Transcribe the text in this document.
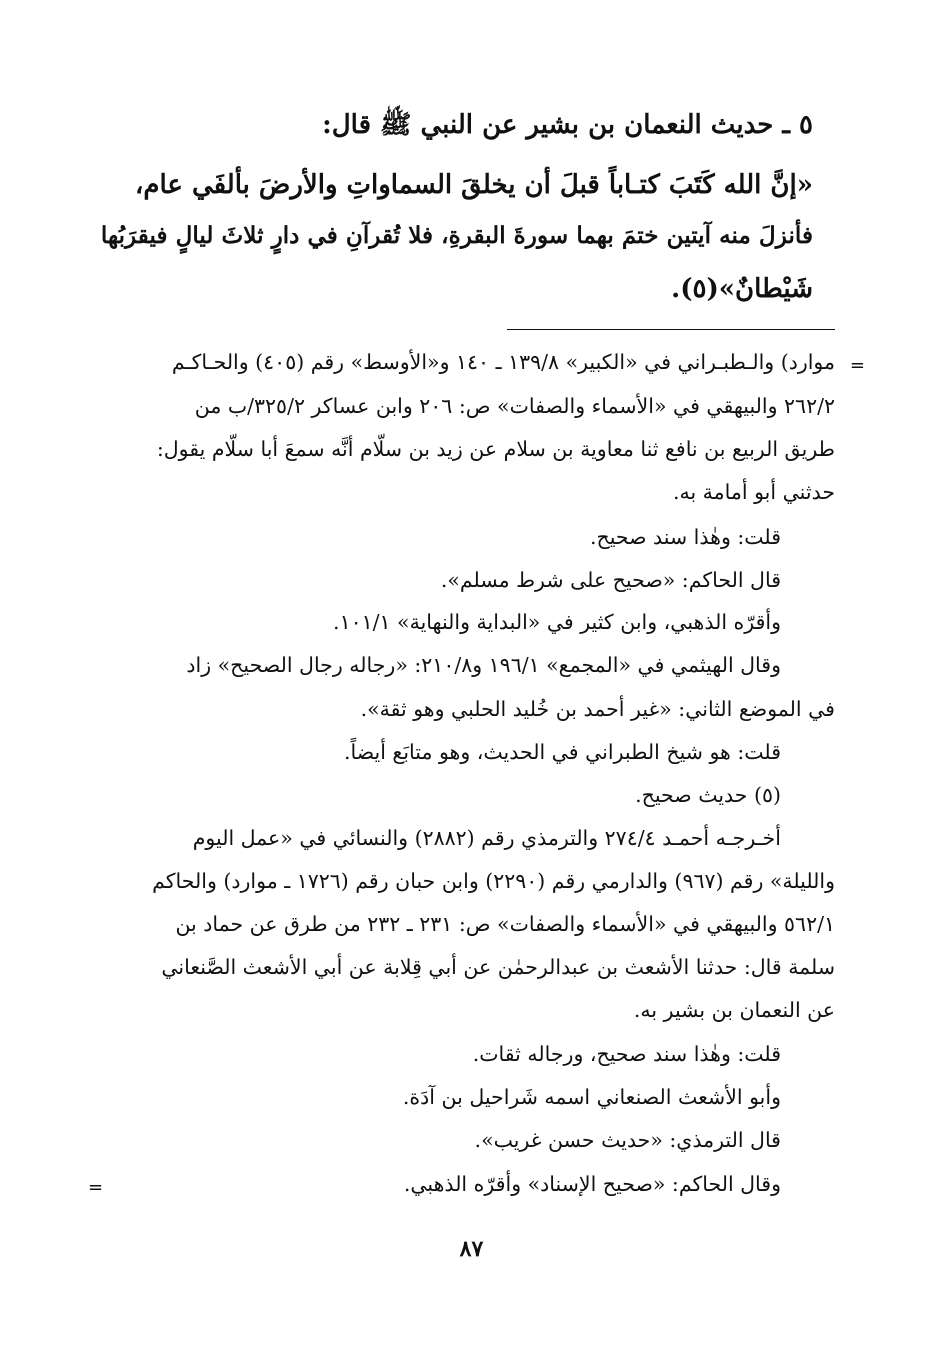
٥ ـ حديث النعمان بن بشير عن النبي ﷺ قال:
«إنَّ الله كَتَبَ كتـاباً قبلَ أن يخلقَ السماواتِ والأرضَ بألفَي عام،
فأنزلَ منه آيتين ختمَ بهما سورةَ البقرةِ، فلا تُقرآنِ في دارٍ ثلاثَ ليالٍ فيقرَبُها
شَيْطانٌ»(٥).
=
موارد) والـطبـراني في «الكبير» ١٣٩/٨ ـ ١٤٠ و«الأوسط» رقم (٤٠٥) والحـاكـم
٢٦٢/٢ والبيهقي في «الأسماء والصفات» ص: ٢٠٦ وابن عساكر ٣٢٥/٢/ب من
طريق الربيع بن نافع ثنا معاوية بن سلام عن زيد بن سلّام أنَّه سمعَ أبا سلّام يقول:
حدثني أبو أمامة به.
قلت: وهٰذا سند صحيح.
قال الحاكم: «صحيح على شرط مسلم».
وأقرّه الذهبي، وابن كثير في «البداية والنهاية» ١٠١/١.
وقال الهيثمي في «المجمع» ١٩٦/١ و٢١٠/٨: «رجاله رجال الصحيح» زاد
في الموضع الثاني: «غير أحمد بن خُليد الحلبي وهو ثقة».
قلت: هو شيخ الطبراني في الحديث، وهو متابَع أيضاً.
(٥) حديث صحيح.
أخـرجـه أحمـد ٢٧٤/٤ والترمذي رقم (٢٨٨٢) والنسائي في «عمل اليوم
والليلة» رقم (٩٦٧) والدارمي رقم (٢٢٩٠) وابن حبان رقم (١٧٢٦ ـ موارد) والحاكم
٥٦٢/١ والبيهقي في «الأسماء والصفات» ص: ٢٣١ ـ ٢٣٢ من طرق عن حماد بن
سلمة قال: حدثنا الأشعث بن عبدالرحمٰن عن أبي قِلابة عن أبي الأشعث الصَّنعاني
عن النعمان بن بشير به.
قلت: وهٰذا سند صحيح، ورجاله ثقات.
وأبو الأشعث الصنعاني اسمه شَراحيل بن آدَة.
قال الترمذي: «حديث حسن غريب».
وقال الحاكم: «صحيح الإسناد» وأقرّه الذهبي.
=
٨٧
